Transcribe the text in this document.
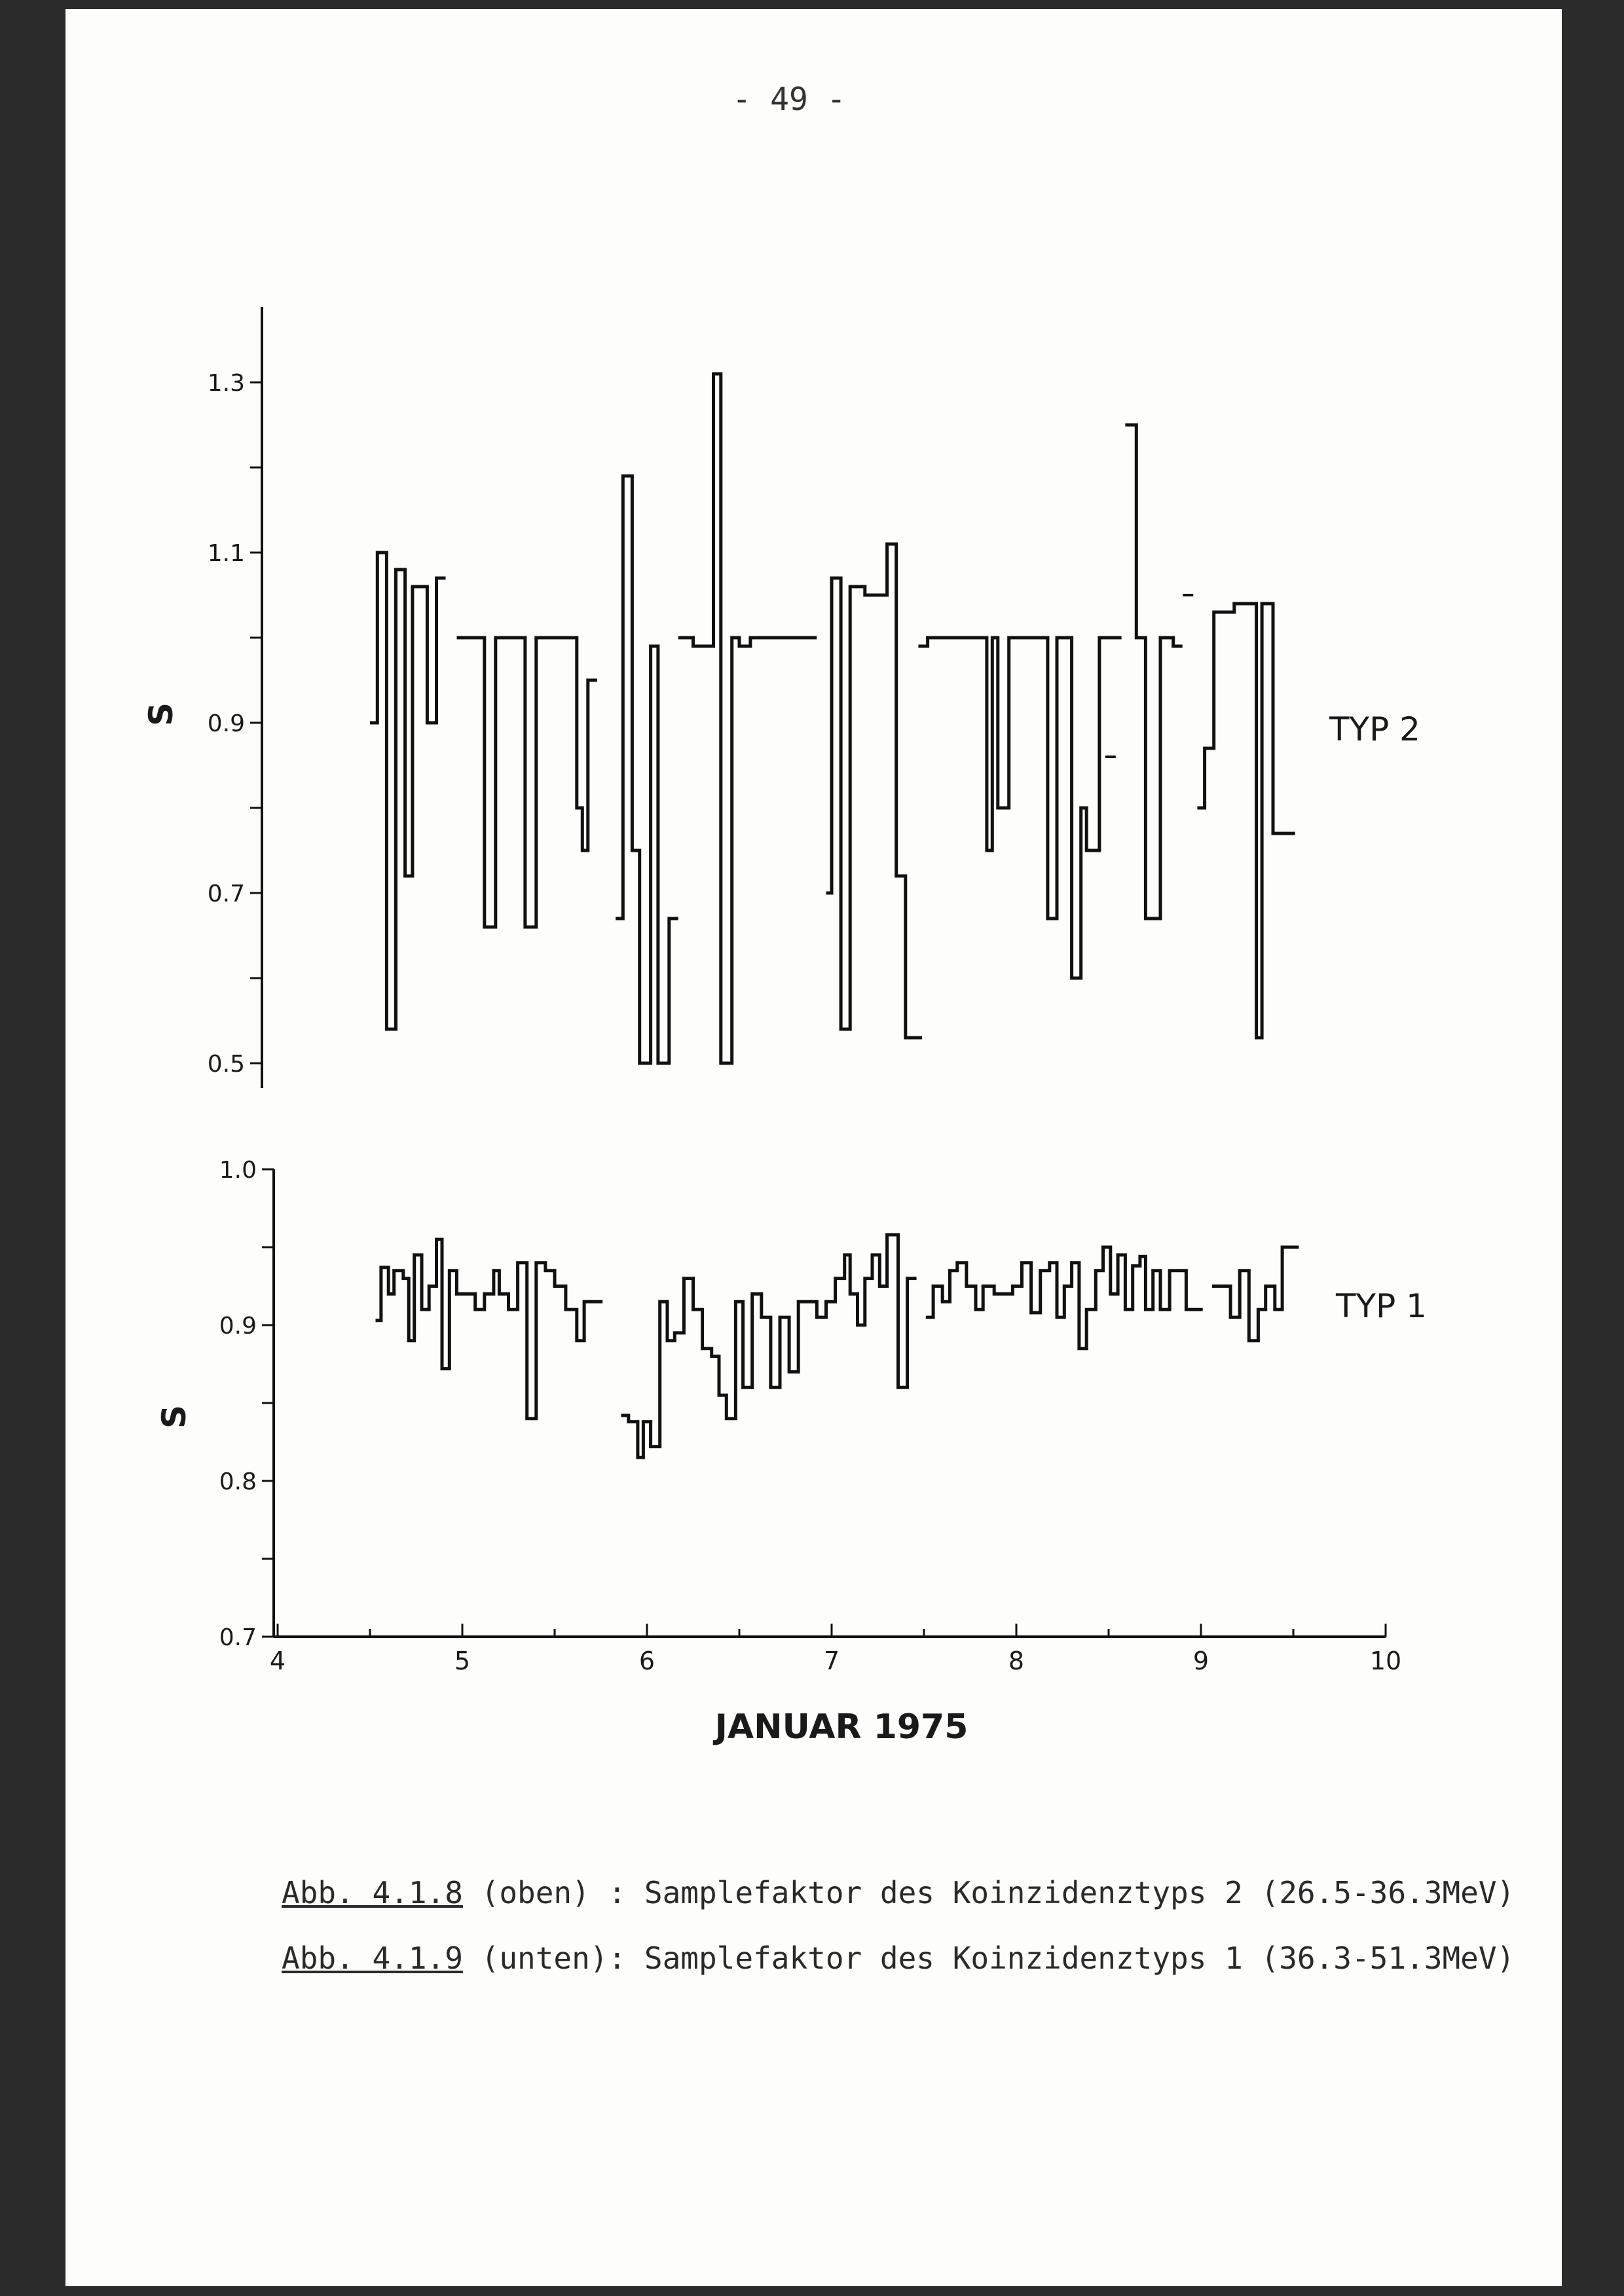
- 49 -
0.5
0.7
0.9
1.1
1.3
S	TYP 2
0.7
0.8
0.9
1.0
S
TYP 1
4	5	6	7	8	9	10
JANUAR 1975
Abb. 4.1.8 (oben) : Samplefaktor des Koinzidenztyps 2 (26.5-36.3MeV)
Abb. 4.1.9 (unten): Samplefaktor des Koinzidenztyps 1 (36.3-51.3MeV)
